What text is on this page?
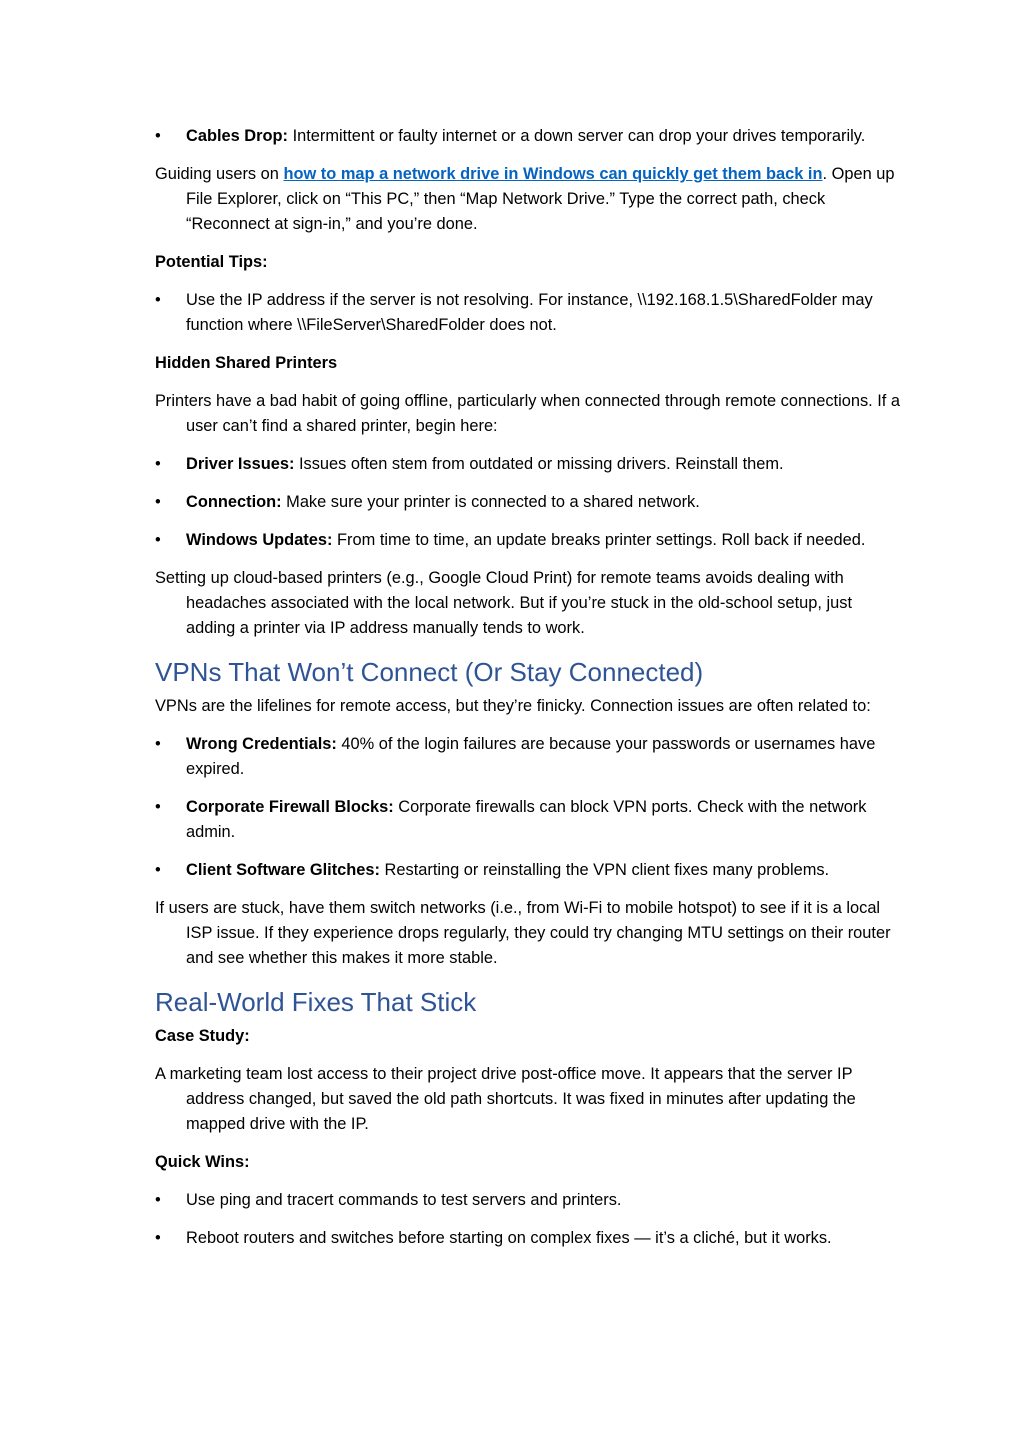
•	Cables Drop: Intermittent or faulty internet or a down server can drop your drives temporarily.

Guiding users on how to map a network drive in Windows can quickly get them back in. Open up File Explorer, click on “This PC,” then “Map Network Drive.” Type the correct path, check “Reconnect at sign-in,” and you’re done.

Potential Tips:

•	Use the IP address if the server is not resolving. For instance, \\192.168.1.5\SharedFolder may function where \\FileServer\SharedFolder does not.

Hidden Shared Printers

Printers have a bad habit of going offline, particularly when connected through remote connections. If a user can’t find a shared printer, begin here:

•	Driver Issues: Issues often stem from outdated or missing drivers. Reinstall them.
•	Connection: Make sure your printer is connected to a shared network.
•	Windows Updates: From time to time, an update breaks printer settings. Roll back if needed.

Setting up cloud-based printers (e.g., Google Cloud Print) for remote teams avoids dealing with headaches associated with the local network. But if you’re stuck in the old-school setup, just adding a printer via IP address manually tends to work.

VPNs That Won’t Connect (Or Stay Connected)

VPNs are the lifelines for remote access, but they’re finicky. Connection issues are often related to:

•	Wrong Credentials: 40% of the login failures are because your passwords or usernames have expired.
•	Corporate Firewall Blocks: Corporate firewalls can block VPN ports. Check with the network admin.
•	Client Software Glitches: Restarting or reinstalling the VPN client fixes many problems.

If users are stuck, have them switch networks (i.e., from Wi-Fi to mobile hotspot) to see if it is a local ISP issue. If they experience drops regularly, they could try changing MTU settings on their router and see whether this makes it more stable.

Real-World Fixes That Stick

Case Study:

A marketing team lost access to their project drive post-office move. It appears that the server IP address changed, but saved the old path shortcuts. It was fixed in minutes after updating the mapped drive with the IP.

Quick Wins:

•	Use ping and tracert commands to test servers and printers.
•	Reboot routers and switches before starting on complex fixes — it’s a cliché, but it works.
